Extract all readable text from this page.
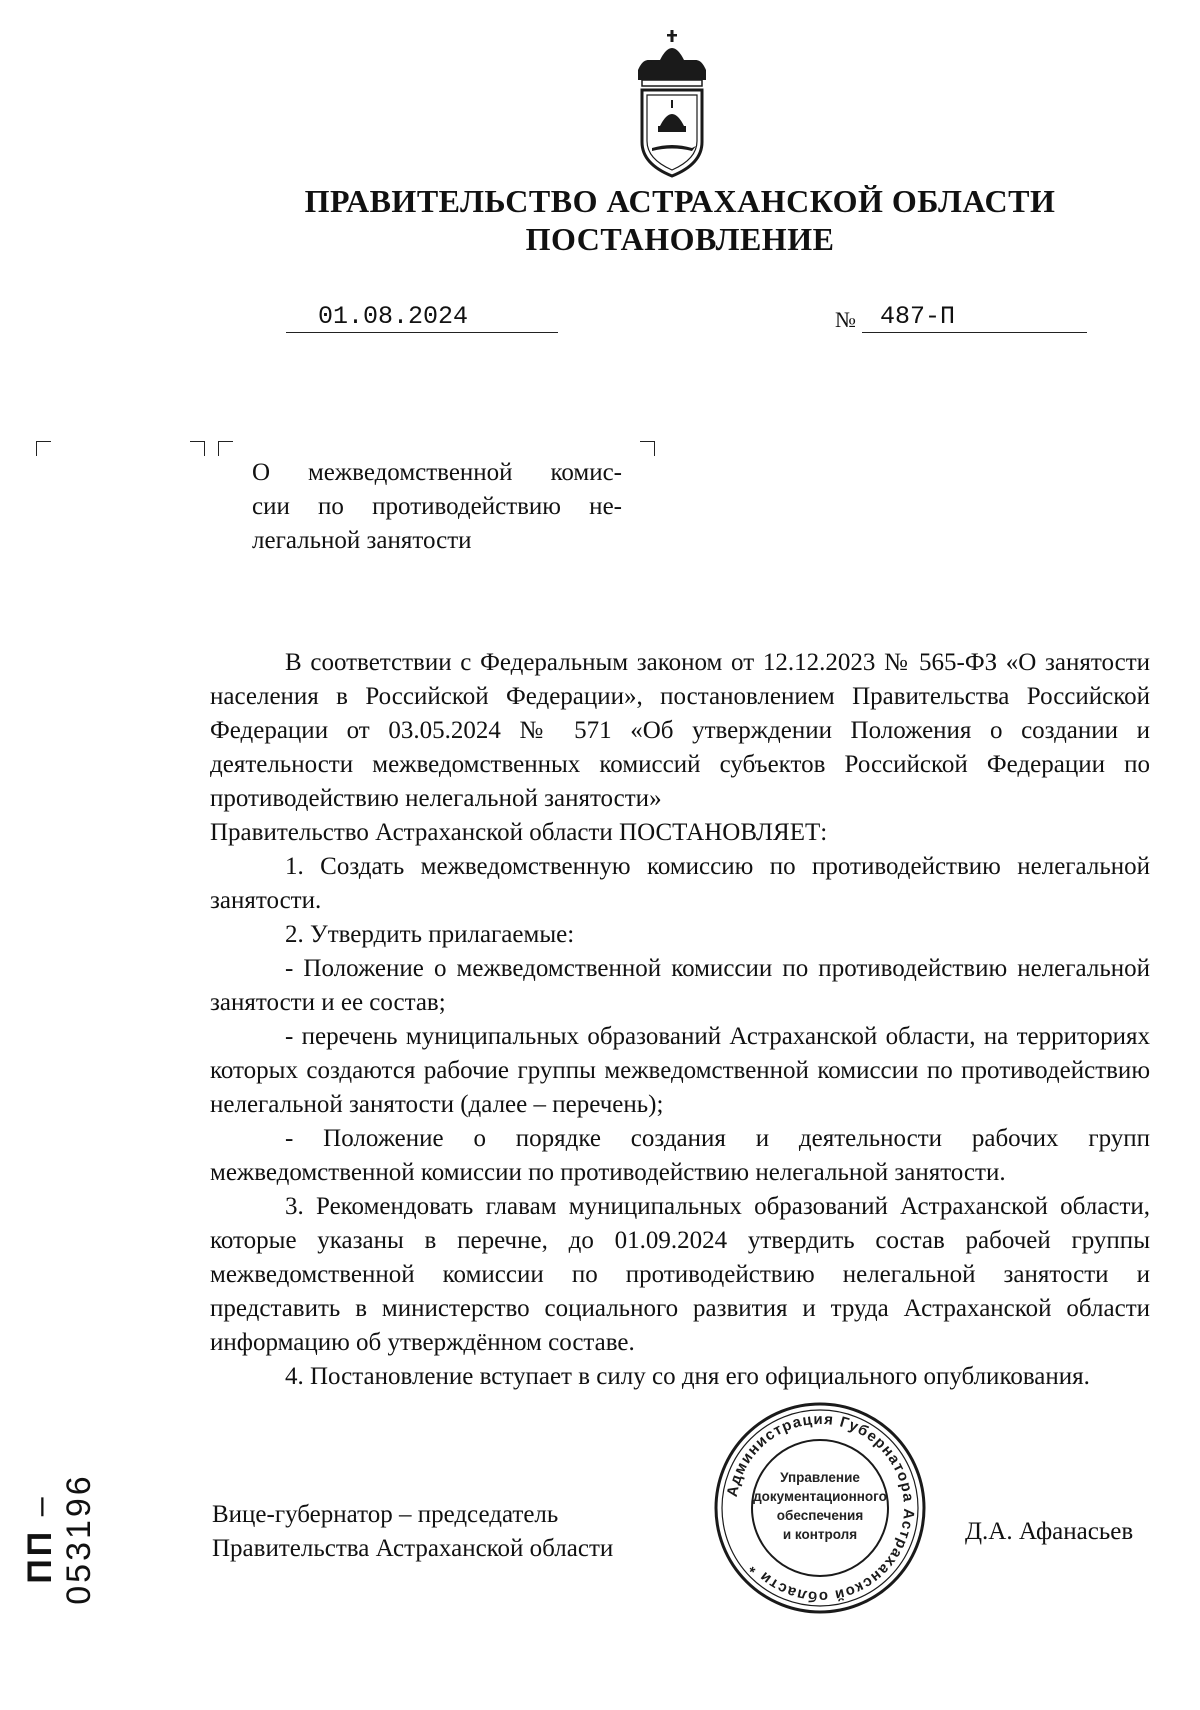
ПРАВИТЕЛЬСТВО АСТРАХАНСКОЙ ОБЛАСТИ
ПОСТАНОВЛЕНИЕ
01.08.2024	№ 487-П
О межведомственной комис-
сии по противодействию не-
легальной занятости

В соответствии с Федеральным законом от 12.12.2023 № 565-ФЗ «О занятости населения в Российской Федерации», постановлением Правительства Российской Федерации от 03.05.2024 № 571 «Об утверждении Положения о создании и деятельности межведомственных комиссий субъектов Российской Федерации по противодействию нелегальной занятости»

Правительство Астраханской области ПОСТАНОВЛЯЕТ:

1. Создать межведомственную комиссию по противодействию нелегальной занятости.

2. Утвердить прилагаемые:

- Положение о межведомственной комиссии по противодействию нелегальной занятости и ее состав;

- перечень муниципальных образований Астраханской области, на территориях которых создаются рабочие группы межведомственной комиссии по противодействию нелегальной занятости (далее – перечень);

- Положение о порядке создания и деятельности рабочих групп межведомственной комиссии по противодействию нелегальной занятости.

3. Рекомендовать главам муниципальных образований Астраханской области, которые указаны в перечне, до 01.09.2024 утвердить состав рабочей группы межведомственной комиссии по противодействию нелегальной занятости и представить в министерство социального развития и труда Астраханской области информацию об утверждённом составе.

4. Постановление вступает в силу со дня его официального опубликования.

Вице-губернатор – председатель
Правительства Астраханской области
Администрация Губернатора Астраханской области *
Управление
документационного
обеспечения
и контроля	Д.А. Афанасьев
ПП – 053196
